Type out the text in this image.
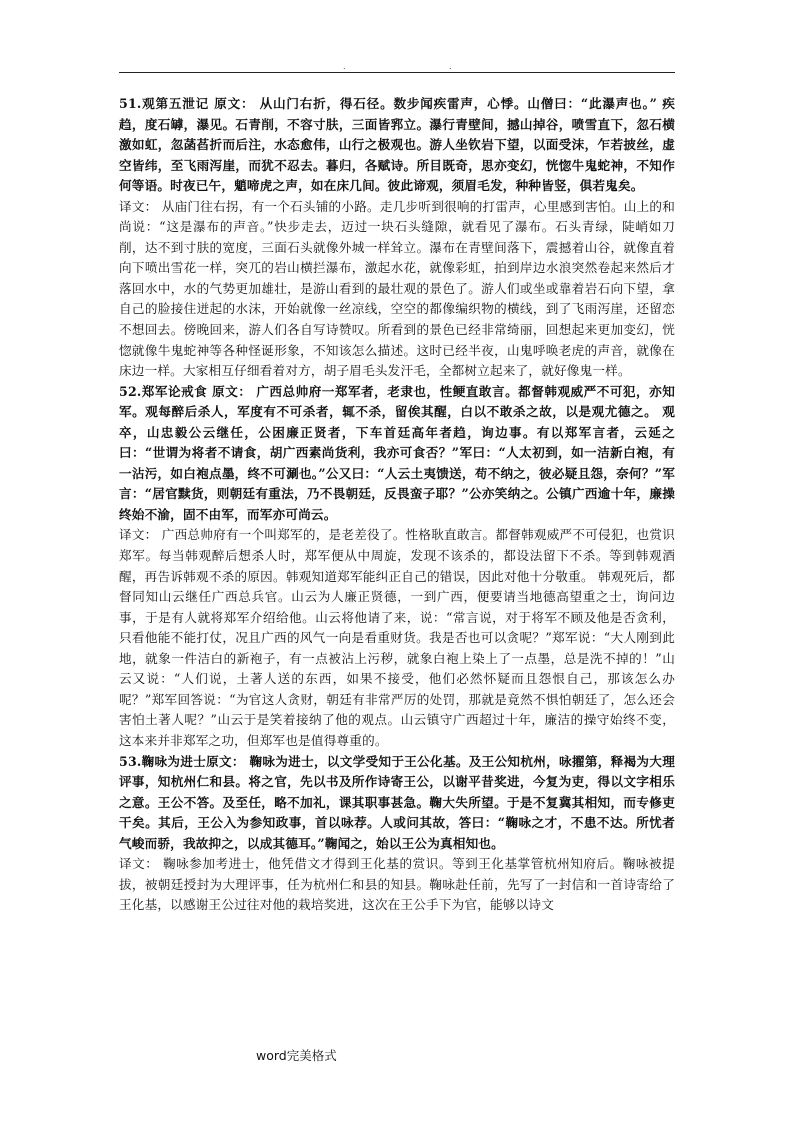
.	.

51.观第五泄记 原文： 从山门右折，得石径。数步闻疾雷声，心悸。山僧曰：“此瀑声也。” 疾趋，度石罅，瀑见。石青削，不容寸肤，三面皆郛立。瀑行青壁间，撼山掉谷，喷雪直下，忽石横激如虹，忽菡萏折而后注，水态愈伟，山行之极观也。游人坐钦岩下望，以面受沫，乍若披丝，虚空皆纬，至飞雨泻崖，而犹不忍去。暮归，各赋诗。所目既奇，思亦变幻，恍惚牛鬼蛇神，不知作何等语。时夜已午，魈啼虎之声，如在床几间。彼此谛观，须眉毛发，种种皆竖，俱若鬼矣。

译文： 从庙门往右拐，有一个石头铺的小路。走几步听到很响的打雷声，心里感到害怕。山上的和尚说：“这是瀑布的声音。”快步走去，迈过一块石头缝隙，就看见了瀑布。石头青绿，陡峭如刀削，达不到寸肤的宽度，三面石头就像外城一样耸立。瀑布在青壁间落下，震撼着山谷，就像直着向下喷出雪花一样，突兀的岩山横拦瀑布，激起水花，就像彩虹，拍到岸边水浪突然卷起来然后才落回水中，水的气势更加雄壮，是游山看到的最壮观的景色了。游人们或坐或靠着岩石向下望，拿自己的脸接住迸起的水沫，开始就像一丝凉线，空空的都像编织物的横线，到了飞雨泻崖，还留恋不想回去。傍晚回来，游人们各自写诗赞叹。所看到的景色已经非常绮丽，回想起来更加变幻，恍惚就像牛鬼蛇神等各种怪诞形象，不知该怎么描述。这时已经半夜，山鬼呼唤老虎的声音，就像在床边一样。大家相互仔细看着对方，胡子眉毛头发汗毛，全都树立起来了，就好像鬼一样。

52.郑军论戒食 原文： 广西总帅府一郑军者，老隶也，性鲠直敢言。都督韩观威严不可犯，亦知军。观每醉后杀人，军度有不可杀者，辄不杀，留俟其醒，白以不敢杀之故，以是观尤德之。 观卒，山忠毅公云继任，公困廉正贤者，下车首廷高年者趋，询边事。有以郑军言者，云延之曰：“世谓为将者不请食，胡广西素尚货利，我亦可食否？”军曰：“人太初到，如一洁新白袍，有一沾污，如白袍点墨，终不可涮也。”公又曰：“人云土夷馈送，苟不纳之，彼必疑且怨，奈何？”军言：“居官黩货，则朝廷有重法，乃不畏朝廷，反畏蛮子耶？”公亦笑纳之。公镇广西逾十年，廉操终始不渝，固不由军，而军亦可尚云。

译文： 广西总帅府有一个叫郑军的，是老差役了。性格耿直敢言。都督韩观威严不可侵犯，也赏识郑军。每当韩观醉后想杀人时，郑军便从中周旋，发现不该杀的，都设法留下不杀。等到韩观酒醒，再告诉韩观不杀的原因。韩观知道郑军能纠正自己的错误，因此对他十分敬重。 韩观死后，都督同知山云继任广西总兵官。山云为人廉正贤德，一到广西，便要请当地德高望重之士，询问边事，于是有人就将郑军介绍给他。山云将他请了来，说：“常言说，对于将军不顾及他是否贪利，只看他能不能打仗，况且广西的风气一向是看重财货。我是否也可以贪呢？”郑军说：“大人刚到此地，就象一件洁白的新袍子，有一点被沾上污秽，就象白袍上染上了一点墨，总是洗不掉的！”山云又说：“人们说，土著人送的东西，如果不接受，他们必然怀疑而且怨恨自己，那该怎么办呢？”郑军回答说：“为官这人贪财，朝廷有非常严厉的处罚，那就是竟然不惧怕朝廷了，怎么还会害怕土著人呢？”山云于是笑着接纳了他的观点。山云镇守广西超过十年，廉洁的操守始终不变，这本来并非郑军之功，但郑军也是值得尊重的。

53.鞠咏为进士原文： 鞠咏为进士，以文学受知于王公化基。及王公知杭州，咏擢第，释褐为大理评事，知杭州仁和县。将之官，先以书及所作诗寄王公，以谢平昔奖进，今复为吏，得以文字相乐之意。王公不答。及至任，略不加礼，课其职事甚急。鞠大失所望。于是不复冀其相知，而专修吏干矣。其后，王公入为参知政事，首以咏荐。人或问其故，答曰：“鞠咏之才，不患不达。所忧者气峻而骄，我故抑之，以成其德耳。”鞠闻之，始以王公为真相知也。

译文： 鞠咏参加考进士，他凭借文才得到王化基的赏识。等到王化基掌管杭州知府后。鞠咏被提拔，被朝廷授封为大理评事，任为杭州仁和县的知县。鞠咏赴任前，先写了一封信和一首诗寄给了王化基，以感谢王公过往对他的栽培奖进，这次在王公手下为官，能够以诗文

word完美格式
